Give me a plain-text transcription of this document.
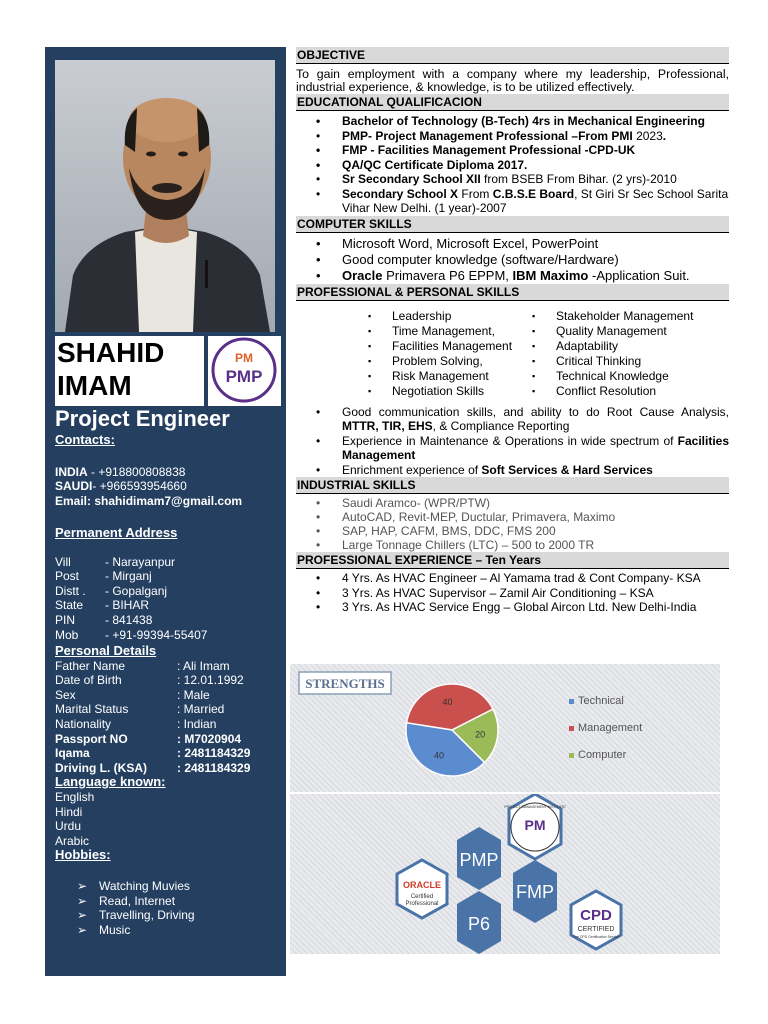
SHAHID
IMAM
PM
PMP
Project Engineer
Contacts:
INDIA - +918800808838
SAUDI- +966593954660
Email: shahidimam7@gmail.com
Permanent Address
Vill	- Narayanpur
Post	- Mirganj
Distt .	- Gopalganj
State	- BIHAR
PIN	- 841438
Mob	- +91-99394-55407
Personal Details
Father Name	: Ali Imam
Date of Birth	: 12.01.1992
Sex	: Male
Marital Status	: Married
Nationality	: Indian
Passport NO	: M7020904
Iqama	: 2481184329
Driving L. (KSA)	: 2481184329
Language known:
English
Hindi
Urdu
Arabic
Hobbies:
➢ Watching Muvies
➢ Read, Internet
➢ Travelling, Driving
➢ Music
OBJECTIVE
To gain employment with a company where my leadership, Professional, industrial experience, & knowledge, is to be utilized effectively.
EDUCATIONAL QUALIFICACION
• Bachelor of Technology (B-Tech) 4rs in Mechanical Engineering
• PMP- Project Management Professional –From PMI 2023.
• FMP - Facilities Management Professional -CPD-UK
• QA/QC Certificate Diploma 2017.
• Sr Secondary School XII from BSEB From Bihar. (2 yrs)-2010
• Secondary School X From C.B.S.E Board, St Giri Sr Sec School Sarita Vihar New Delhi. (1 year)-2007
COMPUTER SKILLS
• Microsoft Word, Microsoft Excel, PowerPoint
• Good computer knowledge (software/Hardware)
• Oracle Primavera P6 EPPM, IBM Maximo -Application Suit.
PROFESSIONAL & PERSONAL SKILLS
▪ Leadership
▪ Time Management,
▪ Facilities Management
▪ Problem Solving,
▪ Risk Management
▪ Negotiation Skills
▪ Stakeholder Management
▪ Quality Management
▪ Adaptability
▪ Critical Thinking
▪ Technical Knowledge
▪ Conflict Resolution
• Good communication skills, and ability to do Root Cause Analysis, MTTR, TIR, EHS, & Compliance Reporting
• Experience in Maintenance & Operations in wide spectrum of Facilities Management
• Enrichment experience of Soft Services & Hard Services
INDUSTRIAL SKILLS
• Saudi Aramco- (WPR/PTW)
• AutoCAD, Revit-MEP, Ductular, Primavera, Maximo
• SAP, HAP, CAFM, BMS, DDC, FMS 200
• Large Tonnage Chillers (LTC) – 500 to 2000 TR
PROFESSIONAL EXPERIENCE – Ten Years
• 4 Yrs. As HVAC Engineer – Al Yamama trad & Cont Company- KSA
• 3 Yrs. As HVAC Supervisor – Zamil Air Conditioning – KSA
• 3 Yrs. As HVAC Service Engg – Global Aircon Ltd. New Delhi-India
STRENGTHS
40
20
40
Technical
Management
Computer
PMP
FMP
P6
ORACLE
Certified
Professional
PM
PROJECT MANAGEMENT INSTITUTE
CPD
CERTIFIED
The CPD Certification Service
